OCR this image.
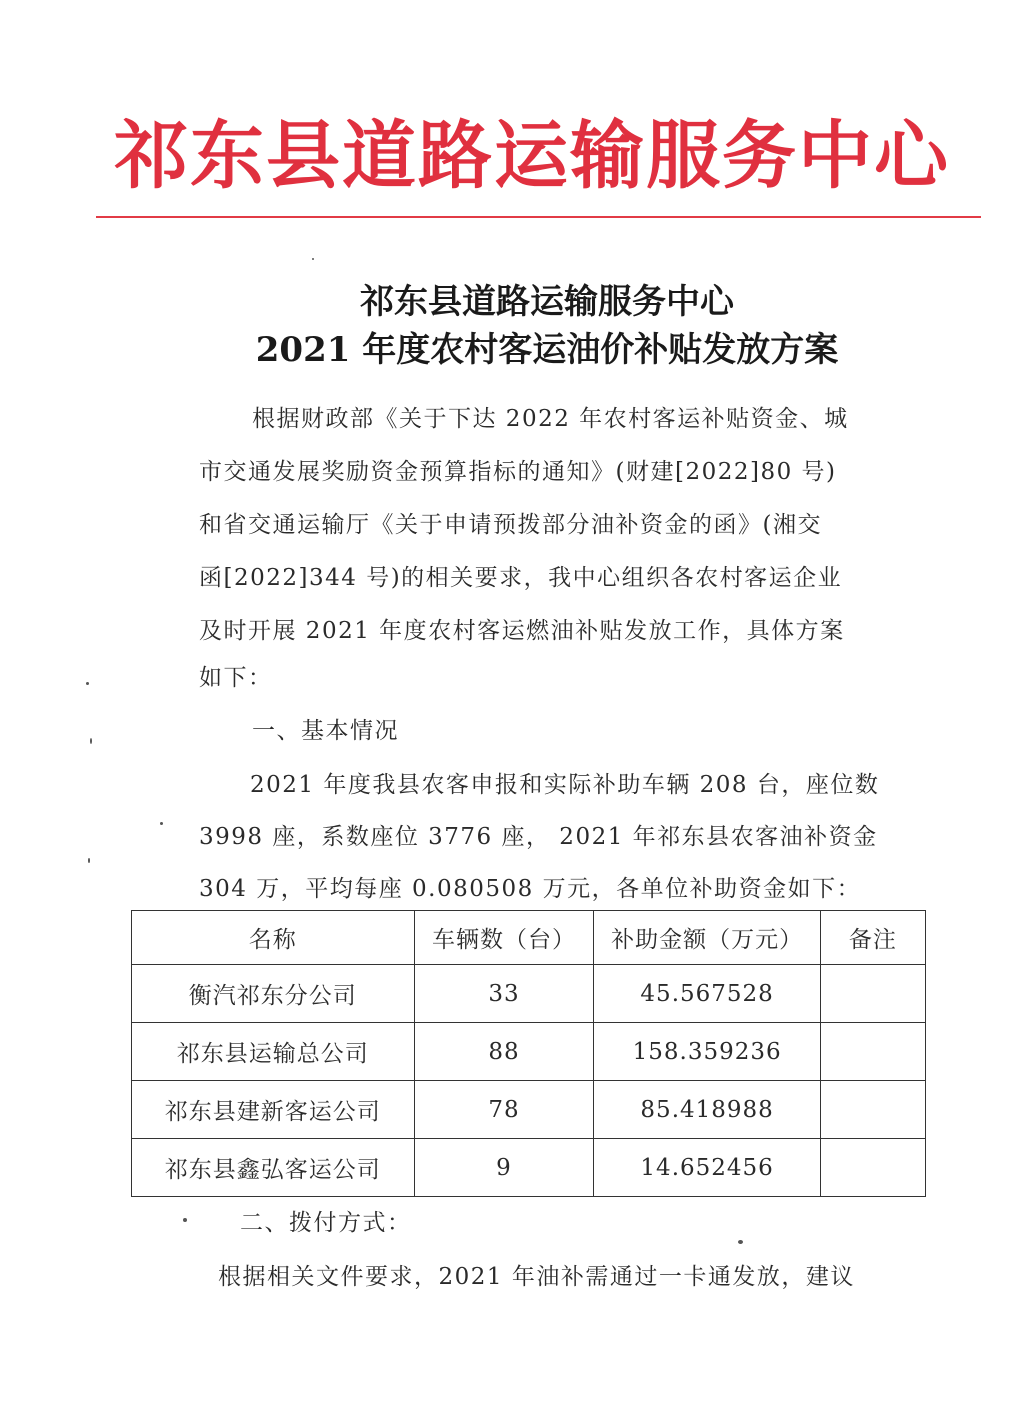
祁东县道路运输服务中心
祁东县道路运输服务中心
2021 年度农村客运油价补贴发放方案
根据财政部《关于下达 2022 年农村客运补贴资金、城
市交通发展奖励资金预算指标的通知》(财建[2022]80 号)
和省交通运输厅《关于申请预拨部分油补资金的函》(湘交
函[2022]344 号)的相关要求，我中心组织各农村客运企业
及时开展 2021 年度农村客运燃油补贴发放工作，具体方案
如下：
一、基本情况
2021 年度我县农客申报和实际补助车辆 208 台，座位数
3998 座，系数座位 3776 座， 2021 年祁东县农客油补资金
304 万，平均每座 0.080508 万元，各单位补助资金如下：
名称	车辆数（台）	补助金额（万元）	备注
衡汽祁东分公司	33	45.567528	
祁东县运输总公司	88	158.359236	
祁东县建新客运公司	78	85.418988	
祁东县鑫弘客运公司	9	14.652456	
二、拨付方式：
根据相关文件要求，2021 年油补需通过一卡通发放，建议
